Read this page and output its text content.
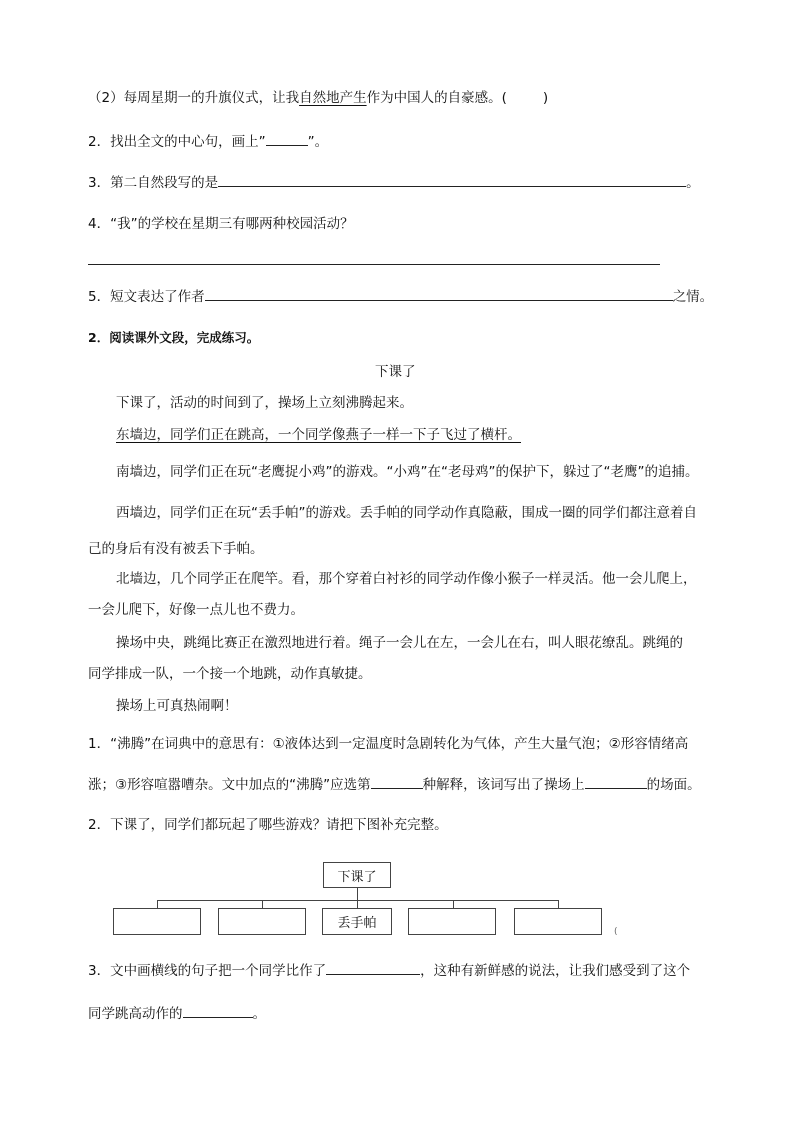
（2）每周星期一的升旗仪式，让我自然地产生作为中国人的自豪感。(	)
2．找出全文的中心句，画上”	”。
3．第二自然段写的是	。
4．“我”的学校在星期三有哪两种校园活动？
5．短文表达了作者	之情。
2．阅读课外文段，完成练习。
下课了
下课了，活动的时间到了，操场上立刻沸腾起来。
东墙边，同学们正在跳高，一个同学像燕子一样一下子飞过了横杆。
南墙边，同学们正在玩“老鹰捉小鸡”的游戏。“小鸡”在“老母鸡”的保护下，躲过了“老鹰”的追捕。
西墙边，同学们正在玩“丢手帕”的游戏。丢手帕的同学动作真隐蔽，围成一圈的同学们都注意着自
己的身后有没有被丢下手帕。
北墙边，几个同学正在爬竿。看，那个穿着白衬衫的同学动作像小猴子一样灵活。他一会儿爬上，
一会儿爬下，好像一点儿也不费力。
操场中央，跳绳比赛正在激烈地进行着。绳子一会儿在左，一会儿在右，叫人眼花缭乱。跳绳的
同学排成一队，一个接一个地跳，动作真敏捷。
操场上可真热闹啊！
1．“沸腾”在词典中的意思有：①液体达到一定温度时急剧转化为气体，产生大量气泡；②形容情绪高
涨；③形容喧嚣嘈杂。文中加点的“沸腾”应选第	种解释，该词写出了操场上	的场面。
2．下课了，同学们都玩起了哪些游戏？请把下图补充完整。
下课了
丢手帕
(
3．文中画横线的句子把一个同学比作了	，这种有新鲜感的说法，让我们感受到了这个
同学跳高动作的	。
